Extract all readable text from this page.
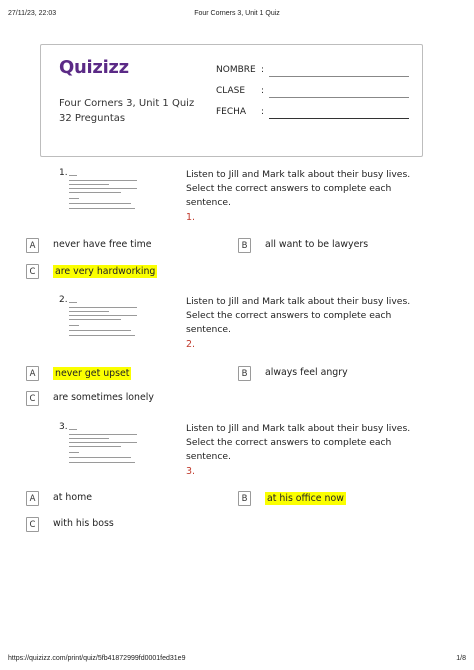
27/11/23, 22:03	Four Corners 3, Unit 1 Quiz
Quizizz
Four Corners 3, Unit 1 Quiz
32 Preguntas
NOMBRE :
CLASE :
FECHA :
1.	Listen to Jill and Mark talk about their busy lives. Select the correct answers to complete each sentence.
1.
A	never have free time	B	all want to be lawyers
C	are very hardworking
2.	Listen to Jill and Mark talk about their busy lives. Select the correct answers to complete each sentence.
2.
A	never get upset	B	always feel angry
C	are sometimes lonely
3.	Listen to Jill and Mark talk about their busy lives. Select the correct answers to complete each sentence.
3.
A	at home	B	at his office now
C	with his boss
https://quizizz.com/print/quiz/5fb41872999fd0001fed31e9	1/8
